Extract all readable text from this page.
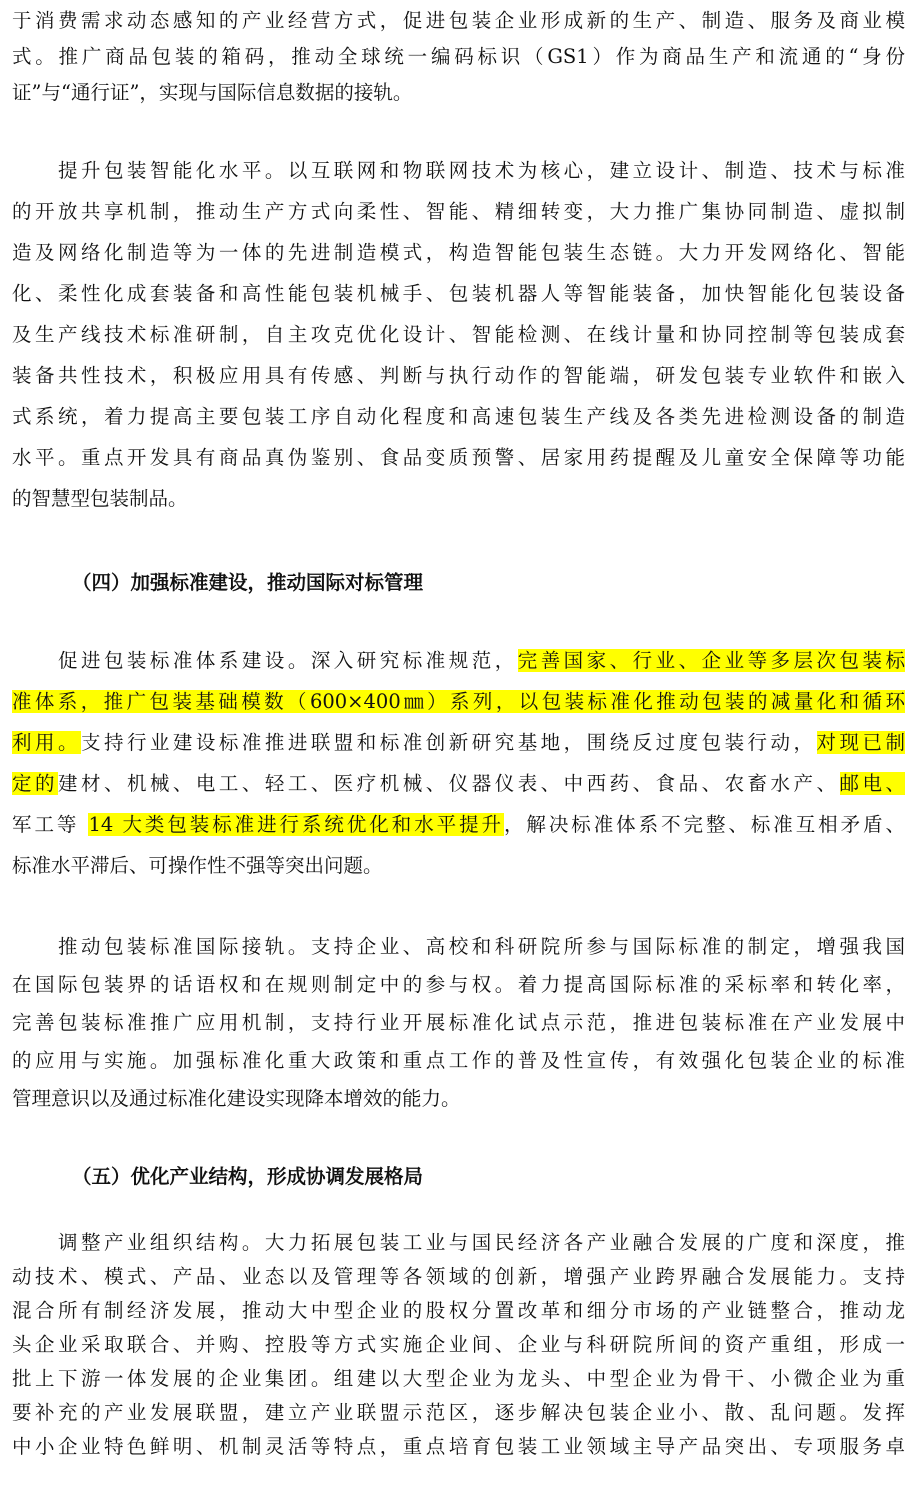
于消费需求动态感知的产业经营方式，促进包装企业形成新的生产、制造、服务及商业模
式。推广商品包装的箱码，推动全球统一编码标识（GS1）作为商品生产和流通的“身份
证”与“通行证”，实现与国际信息数据的接轨。
　　提升包装智能化水平。以互联网和物联网技术为核心，建立设计、制造、技术与标准
的开放共享机制，推动生产方式向柔性、智能、精细转变，大力推广集协同制造、虚拟制
造及网络化制造等为一体的先进制造模式，构造智能包装生态链。大力开发网络化、智能
化、柔性化成套装备和高性能包装机械手、包装机器人等智能装备，加快智能化包装设备
及生产线技术标准研制，自主攻克优化设计、智能检测、在线计量和协同控制等包装成套
装备共性技术，积极应用具有传感、判断与执行动作的智能端，研发包装专业软件和嵌入
式系统，着力提高主要包装工序自动化程度和高速包装生产线及各类先进检测设备的制造
水平。重点开发具有商品真伪鉴别、食品变质预警、居家用药提醒及儿童安全保障等功能
的智慧型包装制品。
（四）加强标准建设，推动国际对标管理
　　促进包装标准体系建设。深入研究标准规范，完善国家、行业、企业等多层次包装标
准体系，推广包装基础模数（600×400㎜）系列，以包装标准化推动包装的减量化和循环
利用。支持行业建设标准推进联盟和标准创新研究基地，围绕反过度包装行动，对现已制
定的建材、机械、电工、轻工、医疗机械、仪器仪表、中西药、食品、农畜水产、邮电、
军工等 14 大类包装标准进行系统优化和水平提升，解决标准体系不完整、标准互相矛盾、
标准水平滞后、可操作性不强等突出问题。
　　推动包装标准国际接轨。支持企业、高校和科研院所参与国际标准的制定，增强我国
在国际包装界的话语权和在规则制定中的参与权。着力提高国际标准的采标率和转化率，
完善包装标准推广应用机制，支持行业开展标准化试点示范，推进包装标准在产业发展中
的应用与实施。加强标准化重大政策和重点工作的普及性宣传，有效强化包装企业的标准
管理意识以及通过标准化建设实现降本增效的能力。
（五）优化产业结构，形成协调发展格局
　　调整产业组织结构。大力拓展包装工业与国民经济各产业融合发展的广度和深度，推
动技术、模式、产品、业态以及管理等各领域的创新，增强产业跨界融合发展能力。支持
混合所有制经济发展，推动大中型企业的股权分置改革和细分市场的产业链整合，推动龙
头企业采取联合、并购、控股等方式实施企业间、企业与科研院所间的资产重组，形成一
批上下游一体发展的企业集团。组建以大型企业为龙头、中型企业为骨干、小微企业为重
要补充的产业发展联盟，建立产业联盟示范区，逐步解决包装企业小、散、乱问题。发挥
中小企业特色鲜明、机制灵活等特点，重点培育包装工业领域主导产品突出、专项服务卓
